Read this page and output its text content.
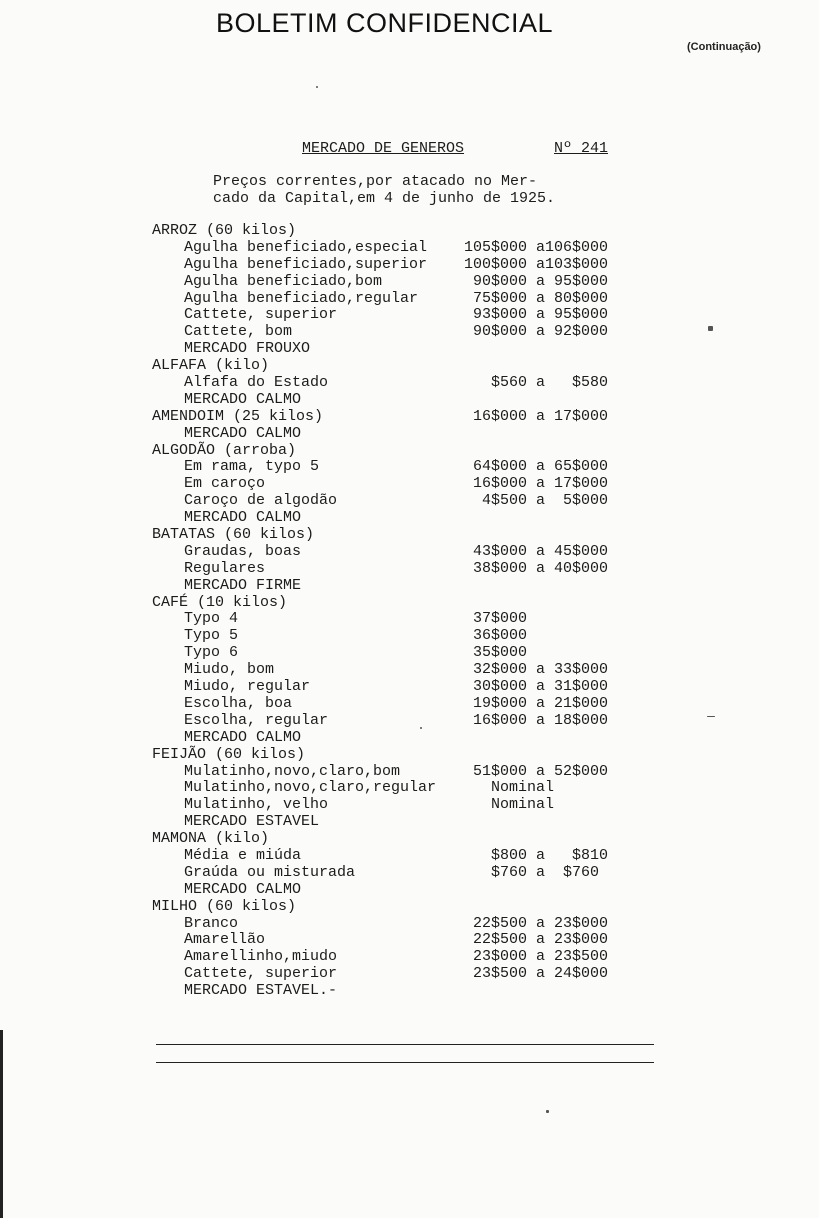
BOLETIM CONFIDENCIAL
(Continuação)
MERCADO DE GENEROS	Nº 241
Preços correntes,por atacado no Mer-
cado da Capital,em 4 de junho de 1925.
ARROZ (60 kilos)
Agulha beneficiado,especial 105$000 a106$000
Agulha beneficiado,superior 100$000 a103$000
Agulha beneficiado,bom	90$000 a 95$000
Agulha beneficiado,regular	75$000 a 80$000
Cattete, superior	93$000 a 95$000
Cattete, bom	90$000 a 92$000
MERCADO FROUXO
ALFAFA (kilo)
Alfafa do Estado	$560 a   $580
MERCADO CALMO
AMENDOIM (25 kilos)	16$000 a 17$000
MERCADO CALMO
ALGODÃO (arroba)
Em rama, typo 5	64$000 a 65$000
Em caroço	16$000 a 17$000
Caroço de algodão	4$500 a  5$000
MERCADO CALMO
BATATAS (60 kilos)
Graudas, boas	43$000 a 45$000
Regulares	38$000 a 40$000
MERCADO FIRME
CAFÉ (10 kilos)
Typo 4	37$000
Typo 5	36$000
Typo 6	35$000
Miudo, bom	32$000 a 33$000
Miudo, regular	30$000 a 31$000
Escolha, boa	19$000 a 21$000
Escolha, regular	16$000 a 18$000
MERCADO CALMO
FEIJÃO (60 kilos)
Mulatinho,novo,claro,bom	51$000 a 52$000
Mulatinho,novo,claro,regular Nominal
Mulatinho, velho	Nominal
MERCADO ESTAVEL
MAMONA (kilo)
Média e miúda	$800 a   $810
Graúda ou misturada	$760 a  $760
MERCADO CALMO
MILHO (60 kilos)
Branco	22$500 a 23$000
Amarellão	22$500 a 23$000
Amarellinho,miudo	23$000 a 23$500
Cattete, superior	23$500 a 24$000
MERCADO ESTAVEL.-
